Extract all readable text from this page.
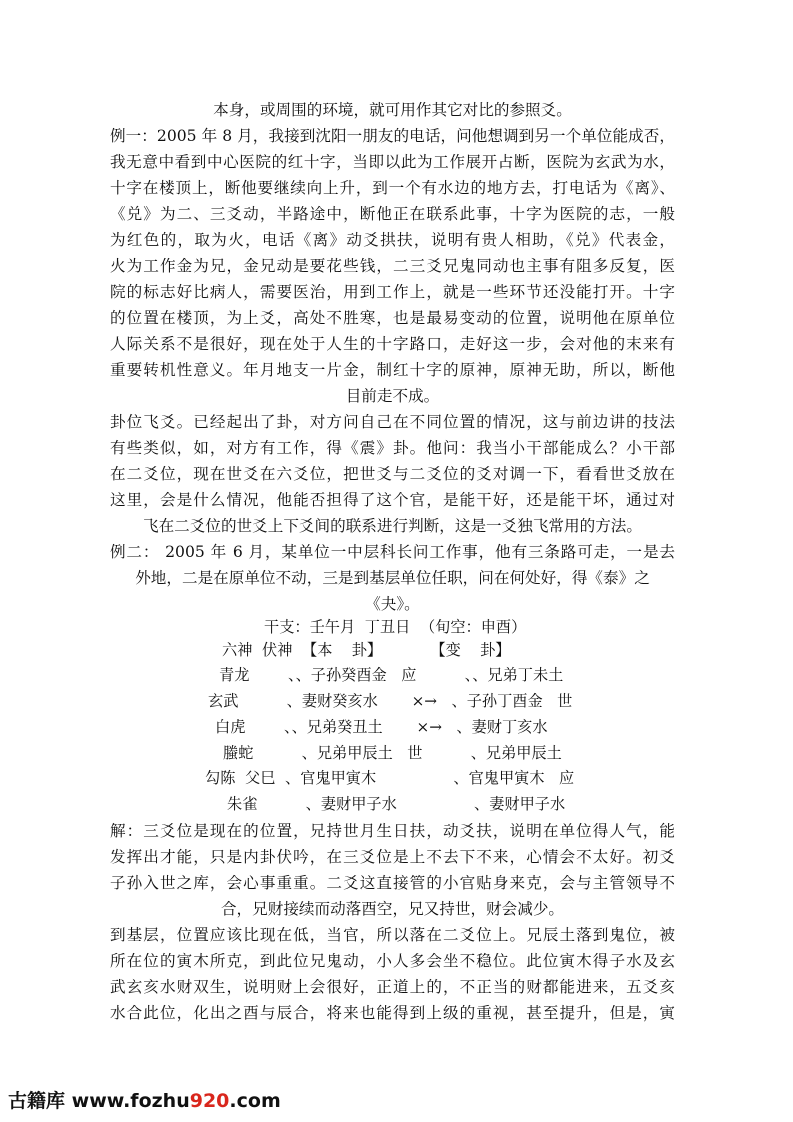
本身，或周围的环境，就可用作其它对比的参照爻。
例一：2005 年 8 月，我接到沈阳一朋友的电话，问他想调到另一个单位能成否，
我无意中看到中心医院的红十字，当即以此为工作展开占断，医院为玄武为水，
十字在楼顶上，断他要继续向上升，到一个有水边的地方去，打电话为《离》、
《兑》为二、三爻动，半路途中，断他正在联系此事，十字为医院的志，一般
为红色的，取为火，电话《离》动爻拱扶，说明有贵人相助，《兑》代表金，
火为工作金为兄，金兄动是要花些钱，二三爻兄鬼同动也主事有阻多反复，医
院的标志好比病人，需要医治，用到工作上，就是一些环节还没能打开。十字
的位置在楼顶，为上爻，高处不胜寒，也是最易变动的位置，说明他在原单位
人际关系不是很好，现在处于人生的十字路口，走好这一步，会对他的末来有
重要转机性意义。年月地支一片金，制红十字的原神，原神无助，所以，断他
目前走不成。
卦位飞爻。已经起出了卦，对方问自己在不同位置的情况，这与前边讲的技法
有些类似，如，对方有工作，得《震》卦。他问：我当小干部能成么？小干部
在二爻位，现在世爻在六爻位，把世爻与二爻位的爻对调一下，看看世爻放在
这里，会是什么情况，他能否担得了这个官，是能干好，还是能干坏，通过对
飞在二爻位的世爻上下爻间的联系进行判断，这是一爻独飞常用的方法。
例二： 2005 年 6 月，某单位一中层科长问工作事，他有三条路可走，一是去
外地，二是在原单位不动，三是到基层单位任职，问在何处好，得《泰》之
《夬》。
干支：壬午月  丁丑日  （旬空：申酉）
六神  伏神  【本    卦】          【变    卦】
青龙        、、子孙癸酉金   应          、、兄弟丁未土
玄武          、妻财癸亥水       ×→   、子孙丁酉金   世
白虎        、、兄弟癸丑土       ×→   、妻财丁亥水
螣蛇          、兄弟甲辰土   世          、兄弟甲辰土
勾陈  父巳  、官鬼甲寅木                、官鬼甲寅木   应
朱雀          、妻财甲子水                、妻财甲子水
解：三爻位是现在的位置，兄持世月生日扶，动爻扶，说明在单位得人气，能
发挥出才能，只是内卦伏吟，在三爻位是上不去下不来，心情会不太好。初爻
子孙入世之库，会心事重重。二爻这直接管的小官贴身来克，会与主管领导不
合，兄财接续而动落酉空，兄又持世，财会减少。
到基层，位置应该比现在低，当官，所以落在二爻位上。兄辰土落到鬼位，被
所在位的寅木所克，到此位兄鬼动，小人多会坐不稳位。此位寅木得子水及玄
武玄亥水财双生，说明财上会很好，正道上的，不正当的财都能进来，五爻亥
水合此位，化出之酉与辰合，将来也能得到上级的重视，甚至提升，但是，寅
古籍库 www.fozhu920.com
